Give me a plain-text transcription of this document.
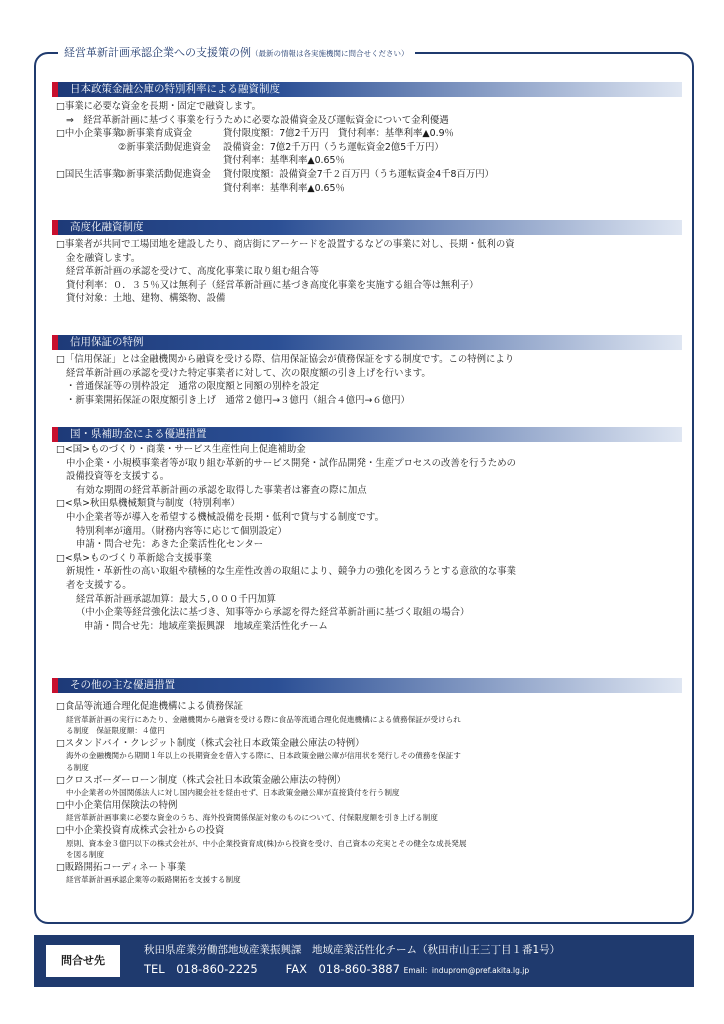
経営革新計画承認企業への支援策の例（最新の情報は各実施機関に問合せください）
日本政策金融公庫の特別利率による融資制度
□事業に必要な資金を長期・固定で融資します。
⇒　経営革新計画に基づく事業を行うために必要な設備資金及び運転資金について金利優遇
□中小企業事業
①新事業育成資金	貸付限度額：7億2千万円　貸付利率：基準利率▲0.9％
②新事業活動促進資金	設備資金：7億2千万円（うち運転資金2億5千万円）
貸付利率：基準利率▲0.65％
□国民生活事業
①新事業活動促進資金	貸付限度額：設備資金7千２百万円（うち運転資金4千8百万円）
貸付利率：基準利率▲0.65％
高度化融資制度
□事業者が共同で工場団地を建設したり、商店街にアーケードを設置するなどの事業に対し、長期・低利の資
金を融資します。
経営革新計画の承認を受けて、高度化事業に取り組む組合等
貸付利率：０．３５％又は無利子（経営革新計画に基づき高度化事業を実施する組合等は無利子）
貸付対象：土地、建物、構築物、設備
信用保証の特例
□「信用保証」とは金融機関から融資を受ける際、信用保証協会が債務保証をする制度です。この特例により
経営革新計画の承認を受けた特定事業者に対して、次の限度額の引き上げを行います。
・普通保証等の別枠設定　通常の限度額と同額の別枠を設定
・新事業開拓保証の限度額引き上げ　通常２億円→３億円（組合４億円→６億円）
国・県補助金による優遇措置
□<国>ものづくり・商業・サービス生産性向上促進補助金
中小企業・小規模事業者等が取り組む革新的サービス開発・試作品開発・生産プロセスの改善を行うための
設備投資等を支援する。
有効な期間の経営革新計画の承認を取得した事業者は審査の際に加点
□<県>秋田県機械類貸与制度（特別利率）
中小企業者等が導入を希望する機械設備を長期・低利で貸与する制度です。
特別利率が適用。（財務内容等に応じて個別設定）
申請・問合せ先：あきた企業活性化センター
□<県>ものづくり革新総合支援事業
新規性・革新性の高い取組や積極的な生産性改善の取組により、競争力の強化を図ろうとする意欲的な事業
者を支援する。
経営革新計画承認加算：最大５,０００千円加算
（中小企業等経営強化法に基づき、知事等から承認を得た経営革新計画に基づく取組の場合）
申請・問合せ先：地域産業振興課　地域産業活性化チーム
その他の主な優遇措置
□食品等流通合理化促進機構による債務保証
経営革新計画の実行にあたり、金融機関から融資を受ける際に食品等流通合理化促進機構による債務保証が受けられ
る制度　保証限度額：４億円
□スタンドバイ・クレジット制度（株式会社日本政策金融公庫法の特例）
海外の金融機関から期間１年以上の長期資金を借入する際に、日本政策金融公庫が信用状を発行しその債務を保証す
る制度
□クロスボーダーローン制度（株式会社日本政策金融公庫法の特例）
中小企業者の外国関係法人に対し国内親会社を経由せず、日本政策金融公庫が直接貸付を行う制度
□中小企業信用保険法の特例
経営革新計画事業に必要な資金のうち、海外投資関係保証対象のものについて、付保限度額を引き上げる制度
□中小企業投資育成株式会社からの投資
原則、資本金３億円以下の株式会社が、中小企業投資育成(株)から投資を受け、自己資本の充実とその健全な成長発展
を図る制度
□販路開拓コーディネート事業
経営革新計画承認企業等の販路開拓を支援する制度
問合せ先
秋田県産業労働部地域産業振興課　地域産業活性化チーム（秋田市山王三丁目１番1号）
TEL　018-860-2225 FAX　018-860-3887 Email：induprom@pref.akita.lg.jp
